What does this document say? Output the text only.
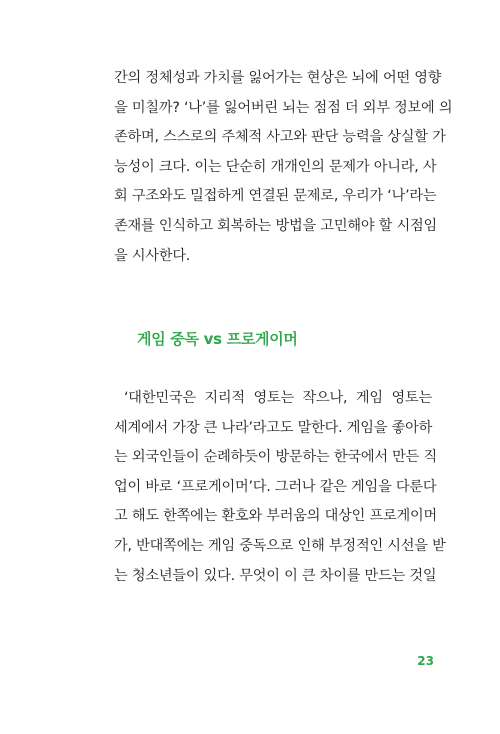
간의 정체성과 가치를 잃어가는 현상은 뇌에 어떤 영향
을 미칠까? ‘나’를 잃어버린 뇌는 점점 더 외부 정보에 의
존하며, 스스로의 주체적 사고와 판단 능력을 상실할 가
능성이 크다. 이는 단순히 개개인의 문제가 아니라, 사
회 구조와도 밀접하게 연결된 문제로, 우리가 ‘나’라는
존재를 인식하고 회복하는 방법을 고민해야 할 시점임
을 시사한다.

게임 중독 vs 프로게이머

‘대한민국은 지리적 영토는 작으나, 게임 영토는
세계에서 가장 큰 나라’라고도 말한다. 게임을 좋아하
는 외국인들이 순례하듯이 방문하는 한국에서 만든 직
업이 바로 ‘프로게이머’다. 그러나 같은 게임을 다룬다
고 해도 한쪽에는 환호와 부러움의 대상인 프로게이머
가, 반대쪽에는 게임 중독으로 인해 부정적인 시선을 받
는 청소년들이 있다. 무엇이 이 큰 차이를 만드는 것일

23
